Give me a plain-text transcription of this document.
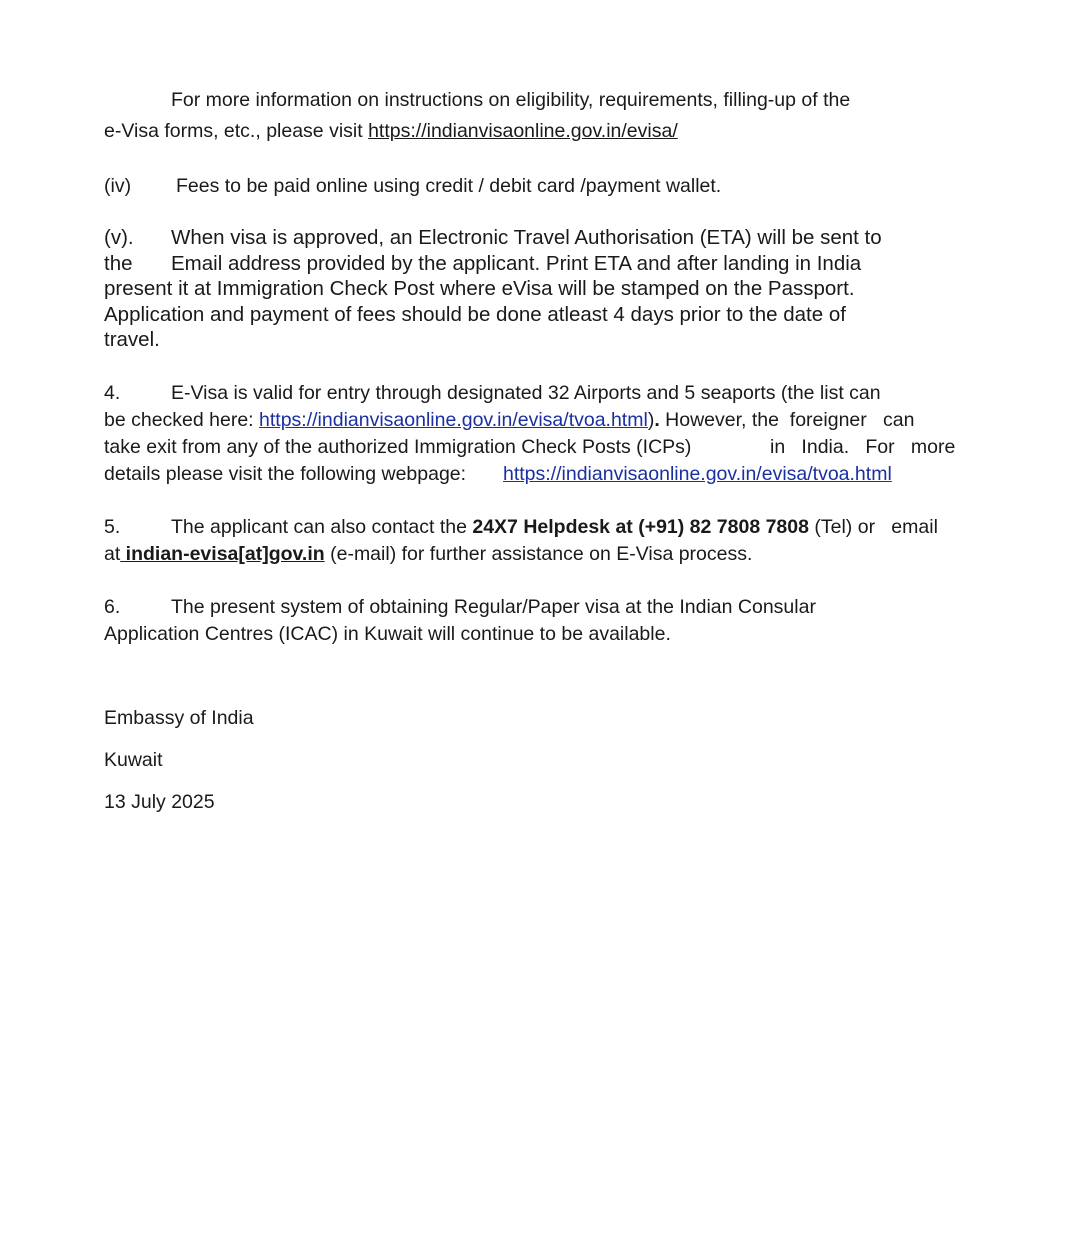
For more information on instructions on eligibility, requirements, filling-up of the
e-Visa forms, etc., please visit https://indianvisaonline.gov.in/evisa/
(iv) Fees to be paid online using credit / debit card /payment wallet.
(v). When visa is approved, an Electronic Travel Authorisation (ETA) will be sent to
the Email address provided by the applicant. Print ETA and after landing in India
present it at Immigration Check Post where eVisa will be stamped on the Passport.
Application and payment of fees should be done atleast 4 days prior to the date of
travel.
4.	E-Visa is valid for entry through designated 32 Airports and 5 seaports (the list can
be checked here: https://indianvisaonline.gov.in/evisa/tvoa.html). However, the  foreigner   can
take exit from any of the authorized Immigration Check Posts (ICPs)	in   India.   For   more
details please visit the following webpage: https://indianvisaonline.gov.in/evisa/tvoa.html
5.	The applicant can also contact the 24X7 Helpdesk at (+91) 82 7808 7808 (Tel) or   email
at indian-evisa[at]gov.in (e-mail) for further assistance on E-Visa process.
6.	The present system of obtaining Regular/Paper visa at the Indian Consular
Application Centres (ICAC) in Kuwait will continue to be available.
Embassy of India
Kuwait
13 July 2025
